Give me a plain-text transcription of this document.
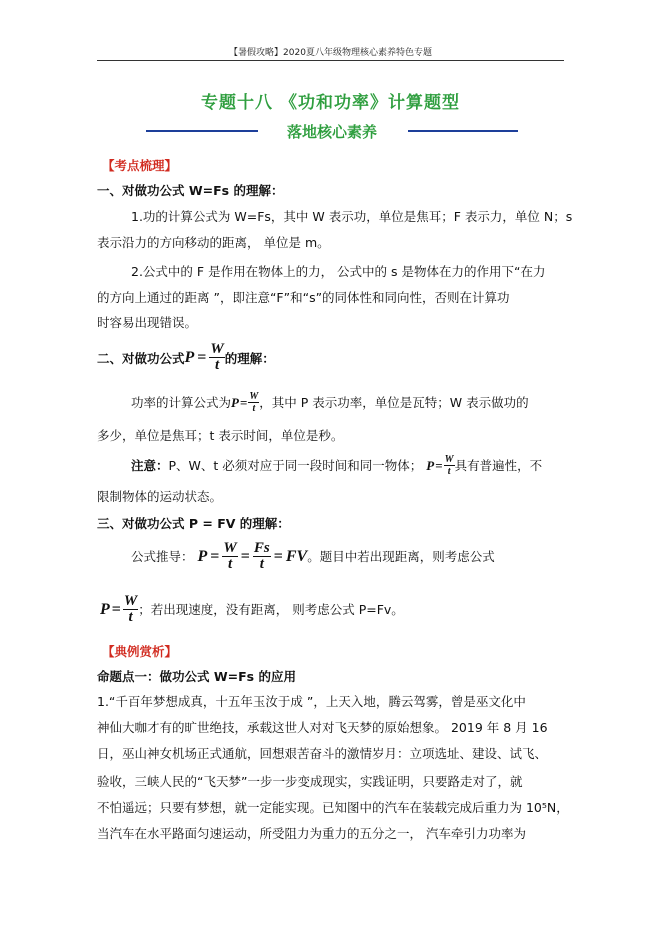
【暑假攻略】2020夏八年级物理核心素养特色专题
专题十八 《功和功率》计算题型
落地核心素养
【考点梳理】
一、对做功公式 W=Fs 的理解：
1.功的计算公式为 W=Fs，其中 W 表示功，单位是焦耳；F 表示力，单位 N；s
表示沿力的方向移动的距离， 单位是 m。
2.公式中的 F 是作用在物体上的力， 公式中的 s 是物体在力的作用下“在力
的方向上通过的距离 ”，即注意“F”和“s”的同体性和同向性，否则在计算功
时容易出现错误。
二、对做功公式 $P = \frac{W}{t}$ 的理解：
功率的计算公式为 $P = \frac{W}{t}$ ，其中 P 表示功率，单位是瓦特；W 表示做功的
多少，单位是焦耳；t 表示时间，单位是秒。
注意： P、W、t 必须对应于同一段时间和同一物体； $P = \frac{W}{t}$ 具有普遍性，不
限制物体的运动状态。
三、对做功公式 P = FV 的理解：
公式推导： $P = \frac{W}{t} = \frac{Fs}{t}$ = FV 。题目中若出现距离，则考虑公式
$P = \frac{W}{t}$ ；若出现速度，没有距离， 则考虑公式 P=Fv。
【典例赏析】
命题点一：做功公式 W=Fs 的应用
1.“千百年梦想成真，十五年玉汝于成 ”，上天入地，腾云驾雾，曾是巫文化中
神仙大咖才有的旷世绝技，承载这世人对对飞天梦的原始想象。 2019 年 8 月 16
日，巫山神女机场正式通航，回想艰苦奋斗的激情岁月：立项选址、建设、试飞、
验收，三峡人民的“飞天梦”一步一步变成现实，实践证明，只要路走对了，就
不怕遥远；只要有梦想，就一定能实现。已知图中的汽车在装载完成后重力为 10⁵N，
当汽车在水平路面匀速运动，所受阻力为重力的五分之一， 汽车牵引力功率为
